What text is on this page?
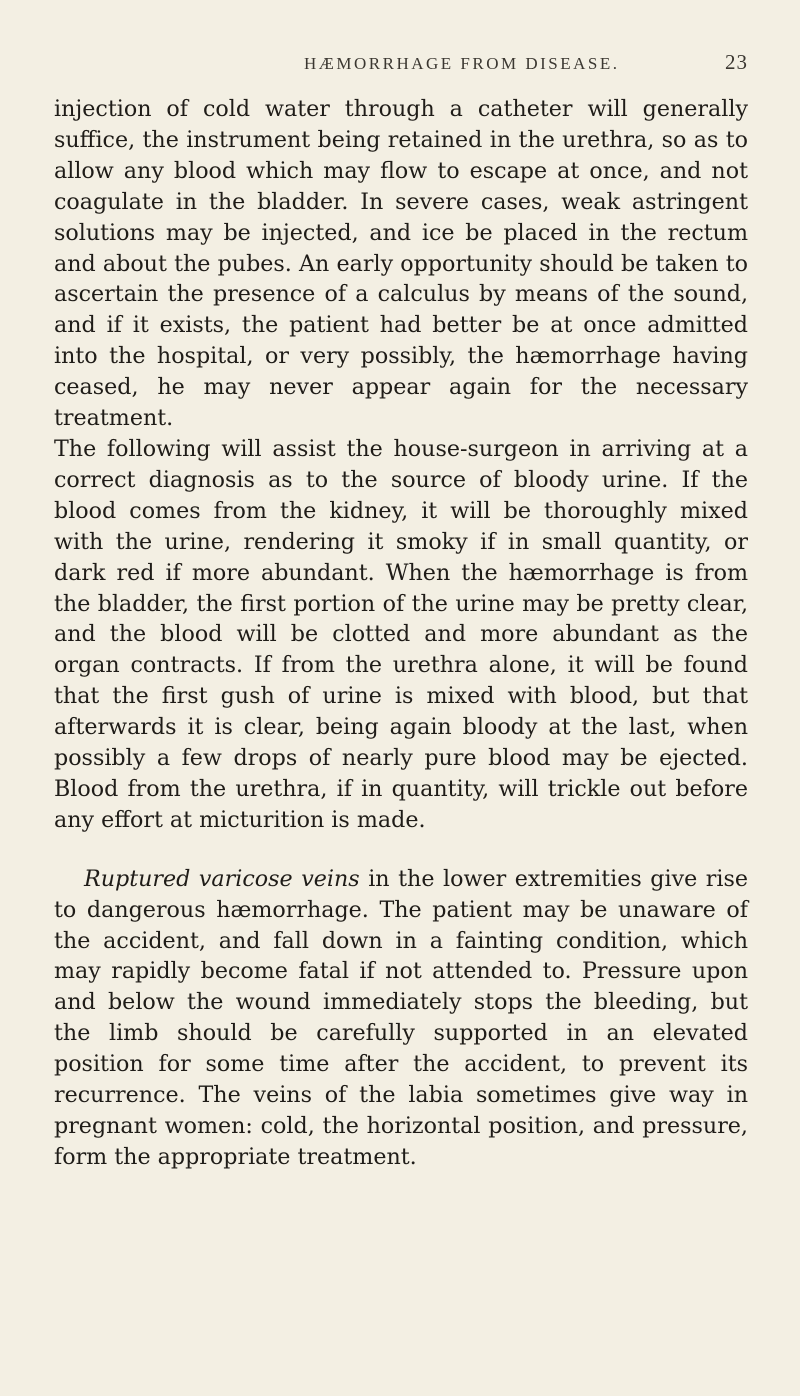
HÆMORRHAGE FROM DISEASE.	23

injection of cold water through a catheter will generally suffice, the instrument being retained in the urethra, so as to allow any blood which may flow to escape at once, and not coagulate in the bladder. In severe cases, weak astringent solutions may be injected, and ice be placed in the rectum and about the pubes. An early opportunity should be taken to ascertain the presence of a calculus by means of the sound, and if it exists, the patient had better be at once admitted into the hospital, or very possibly, the hæmorrhage having ceased, he may never appear again for the necessary treatment.

The following will assist the house-surgeon in arriving at a correct diagnosis as to the source of bloody urine. If the blood comes from the kidney, it will be thoroughly mixed with the urine, rendering it smoky if in small quantity, or dark red if more abundant. When the hæmorrhage is from the bladder, the first portion of the urine may be pretty clear, and the blood will be clotted and more abundant as the organ contracts. If from the urethra alone, it will be found that the first gush of urine is mixed with blood, but that afterwards it is clear, being again bloody at the last, when possibly a few drops of nearly pure blood may be ejected. Blood from the urethra, if in quantity, will trickle out before any effort at micturition is made.

Ruptured varicose veins in the lower extremities give rise to dangerous hæmorrhage. The patient may be unaware of the accident, and fall down in a fainting condition, which may rapidly become fatal if not attended to. Pressure upon and below the wound immediately stops the bleeding, but the limb should be carefully supported in an elevated position for some time after the accident, to prevent its recurrence. The veins of the labia sometimes give way in pregnant women: cold, the horizontal position, and pressure, form the appropriate treatment.
